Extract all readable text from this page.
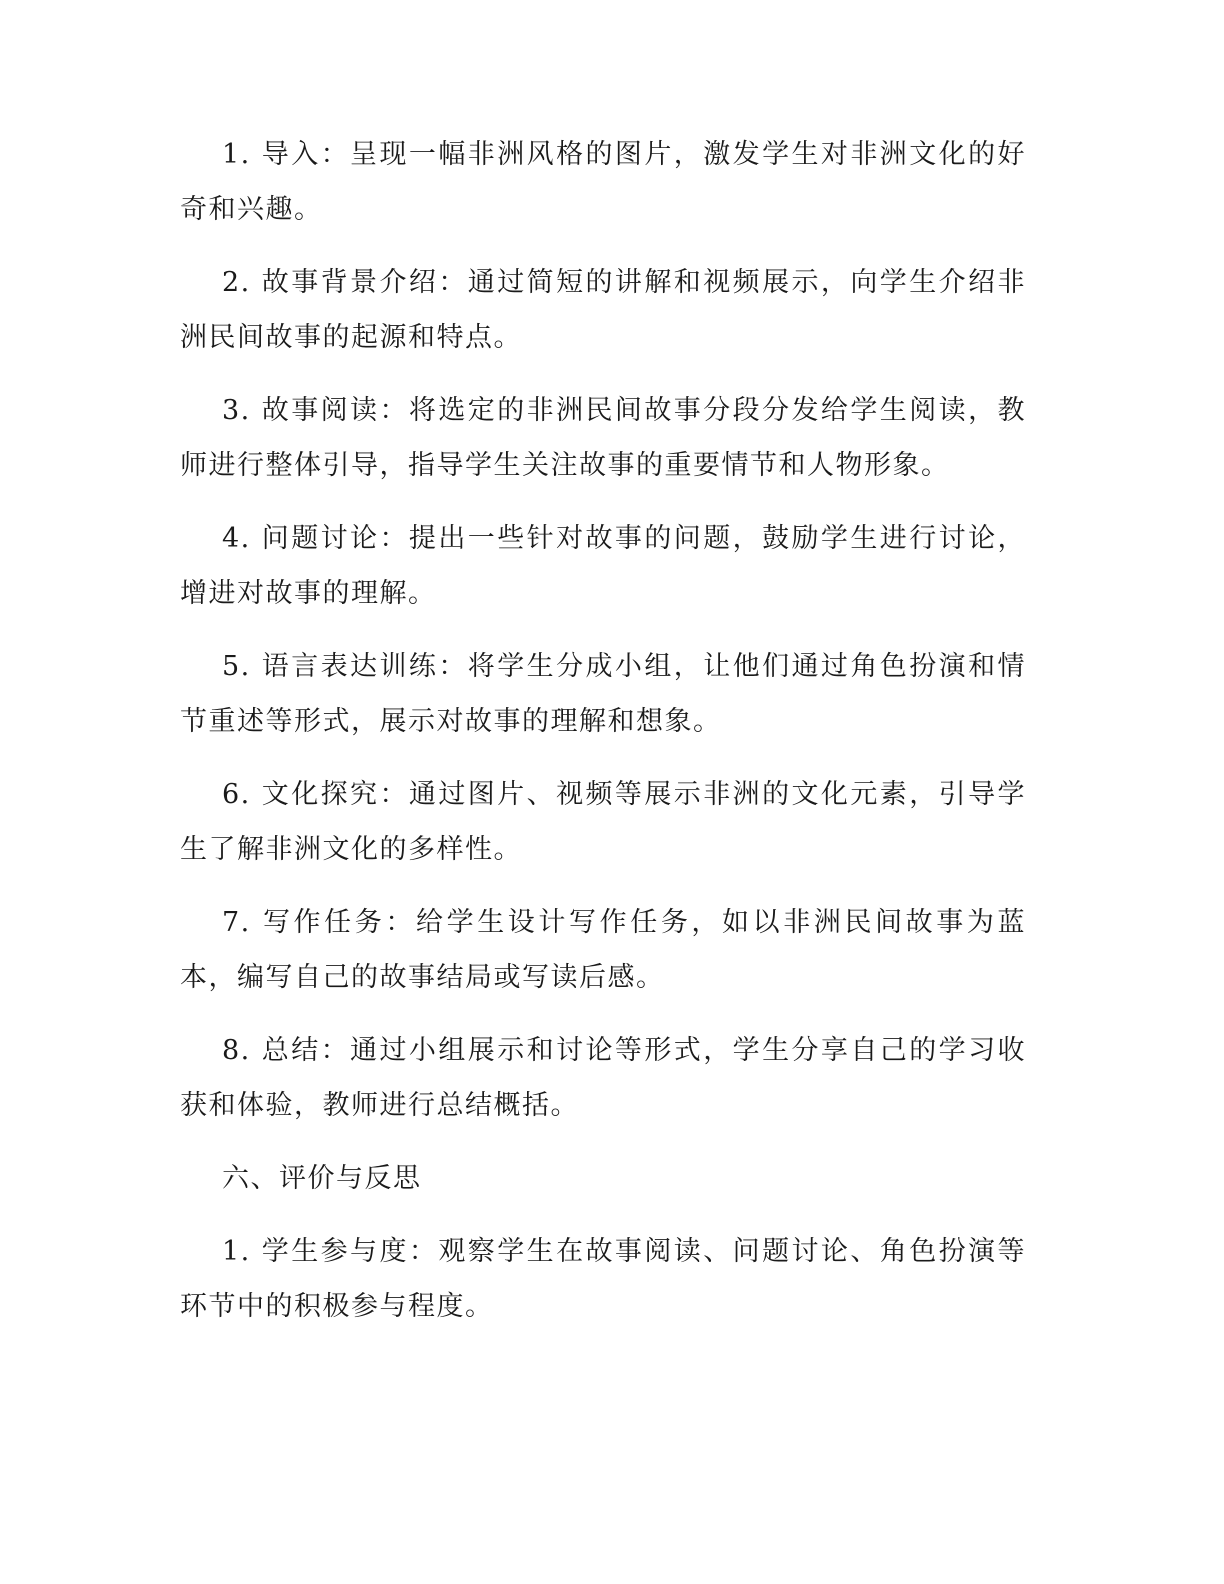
1. 导入：呈现一幅非洲风格的图片，激发学生对非洲文化的好奇和兴趣。

2. 故事背景介绍：通过简短的讲解和视频展示，向学生介绍非洲民间故事的起源和特点。

3. 故事阅读：将选定的非洲民间故事分段分发给学生阅读，教师进行整体引导，指导学生关注故事的重要情节和人物形象。

4. 问题讨论：提出一些针对故事的问题，鼓励学生进行讨论，增进对故事的理解。

5. 语言表达训练：将学生分成小组，让他们通过角色扮演和情节重述等形式，展示对故事的理解和想象。

6. 文化探究：通过图片、视频等展示非洲的文化元素，引导学生了解非洲文化的多样性。

7. 写作任务：给学生设计写作任务，如以非洲民间故事为蓝本，编写自己的故事结局或写读后感。

8. 总结：通过小组展示和讨论等形式，学生分享自己的学习收获和体验，教师进行总结概括。

六、评价与反思

1. 学生参与度：观察学生在故事阅读、问题讨论、角色扮演等环节中的积极参与程度。
